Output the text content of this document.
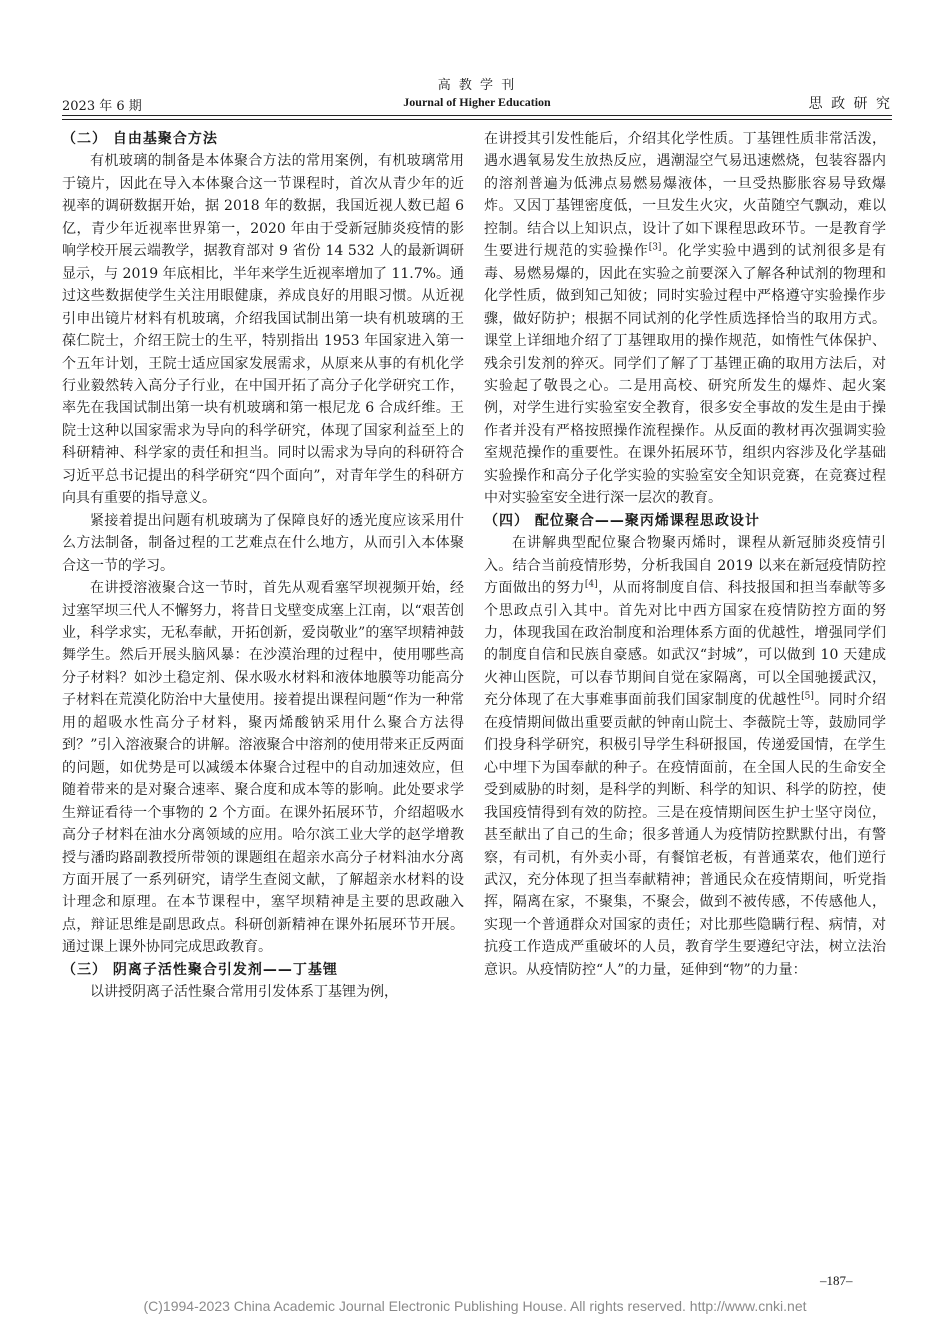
高 教 学 刊
Journal of Higher Education
2023 年 6 期	思 政 研 究
（二） 自由基聚合方法

有机玻璃的制备是本体聚合方法的常用案例，有机玻璃常用于镜片，因此在导入本体聚合这一节课程时，首次从青少年的近视率的调研数据开始，据 2018 年的数据，我国近视人数已超 6 亿，青少年近视率世界第一，2020 年由于受新冠肺炎疫情的影响学校开展云端教学，据教育部对 9 省份 14 532 人的最新调研显示，与 2019 年底相比，半年来学生近视率增加了 11.7%。通过这些数据使学生关注用眼健康，养成良好的用眼习惯。从近视引申出镜片材料有机玻璃，介绍我国试制出第一块有机玻璃的王葆仁院士，介绍王院士的生平，特别指出 1953 年国家进入第一个五年计划，王院士适应国家发展需求，从原来从事的有机化学行业毅然转入高分子行业，在中国开拓了高分子化学研究工作，率先在我国试制出第一块有机玻璃和第一根尼龙 6 合成纤维。王院士这种以国家需求为导向的科学研究，体现了国家利益至上的科研精神、科学家的责任和担当。同时以需求为导向的科研符合习近平总书记提出的科学研究“四个面向”，对青年学生的科研方向具有重要的指导意义。

紧接着提出问题有机玻璃为了保障良好的透光度应该采用什么方法制备，制备过程的工艺难点在什么地方，从而引入本体聚合这一节的学习。

在讲授溶液聚合这一节时，首先从观看塞罕坝视频开始，经过塞罕坝三代人不懈努力，将昔日戈壁变成塞上江南，以“艰苦创业，科学求实，无私奉献，开拓创新，爱岗敬业”的塞罕坝精神鼓舞学生。然后开展头脑风暴：在沙漠治理的过程中，使用哪些高分子材料？如沙土稳定剂、保水吸水材料和液体地膜等功能高分子材料在荒漠化防治中大量使用。接着提出课程问题“作为一种常用的超吸水性高分子材料，聚丙烯酸钠采用什么聚合方法得到？”引入溶液聚合的讲解。溶液聚合中溶剂的使用带来正反两面的问题，如优势是可以减缓本体聚合过程中的自动加速效应，但随着带来的是对聚合速率、聚合度和成本等的影响。此处要求学生辩证看待一个事物的 2 个方面。在课外拓展环节，介绍超吸水高分子材料在油水分离领域的应用。哈尔滨工业大学的赵学增教授与潘昀路副教授所带领的课题组在超亲水高分子材料油水分离方面开展了一系列研究，请学生查阅文献，了解超亲水材料的设计理念和原理。在本节课程中，塞罕坝精神是主要的思政融入点，辩证思维是副思政点。科研创新精神在课外拓展环节开展。通过课上课外协同完成思政教育。

（三） 阴离子活性聚合引发剂——丁基锂

以讲授阴离子活性聚合常用引发体系丁基锂为例，

在讲授其引发性能后，介绍其化学性质。丁基锂性质非常活泼，遇水遇氧易发生放热反应，遇潮湿空气易迅速燃烧，包装容器内的溶剂普遍为低沸点易燃易爆液体，一旦受热膨胀容易导致爆炸。又因丁基锂密度低，一旦发生火灾，火苗随空气飘动，难以控制。结合以上知识点，设计了如下课程思政环节。一是教育学生要进行规范的实验操作[3]。化学实验中遇到的试剂很多是有毒、易燃易爆的，因此在实验之前要深入了解各种试剂的物理和化学性质，做到知己知彼；同时实验过程中严格遵守实验操作步骤，做好防护；根据不同试剂的化学性质选择恰当的取用方式。课堂上详细地介绍了丁基锂取用的操作规范，如惰性气体保护、残余引发剂的猝灭。同学们了解了丁基锂正确的取用方法后，对实验起了敬畏之心。二是用高校、研究所发生的爆炸、起火案例，对学生进行实验室安全教育，很多安全事故的发生是由于操作者并没有严格按照操作流程操作。从反面的教材再次强调实验室规范操作的重要性。在课外拓展环节，组织内容涉及化学基础实验操作和高分子化学实验的实验室安全知识竞赛，在竞赛过程中对实验室安全进行深一层次的教育。

（四） 配位聚合——聚丙烯课程思政设计

在讲解典型配位聚合物聚丙烯时，课程从新冠肺炎疫情引入。结合当前疫情形势，分析我国自 2019 以来在新冠疫情防控方面做出的努力[4]，从而将制度自信、科技报国和担当奉献等多个思政点引入其中。首先对比中西方国家在疫情防控方面的努力，体现我国在政治制度和治理体系方面的优越性，增强同学们的制度自信和民族自豪感。如武汉“封城”，可以做到 10 天建成火神山医院，可以春节期间自觉在家隔离，可以全国驰援武汉，充分体现了在大事难事面前我们国家制度的优越性[5]。同时介绍在疫情期间做出重要贡献的钟南山院士、李薇院士等，鼓励同学们投身科学研究，积极引导学生科研报国，传递爱国情，在学生心中埋下为国奉献的种子。在疫情面前，在全国人民的生命安全受到威胁的时刻，是科学的判断、科学的知识、科学的防控，使我国疫情得到有效的防控。三是在疫情期间医生护士坚守岗位，甚至献出了自己的生命；很多普通人为疫情防控默默付出，有警察，有司机，有外卖小哥，有餐馆老板，有普通菜农，他们逆行武汉，充分体现了担当奉献精神；普通民众在疫情期间，听党指挥，隔离在家，不聚集，不聚会，做到不被传感，不传感他人，实现一个普通群众对国家的责任；对比那些隐瞒行程、病情，对抗疫工作造成严重破坏的人员，教育学生要遵纪守法，树立法治意识。从疫情防控“人”的力量，延伸到“物”的力量：

–187–
(C)1994-2023 China Academic Journal Electronic Publishing House. All rights reserved. http://www.cnki.net
